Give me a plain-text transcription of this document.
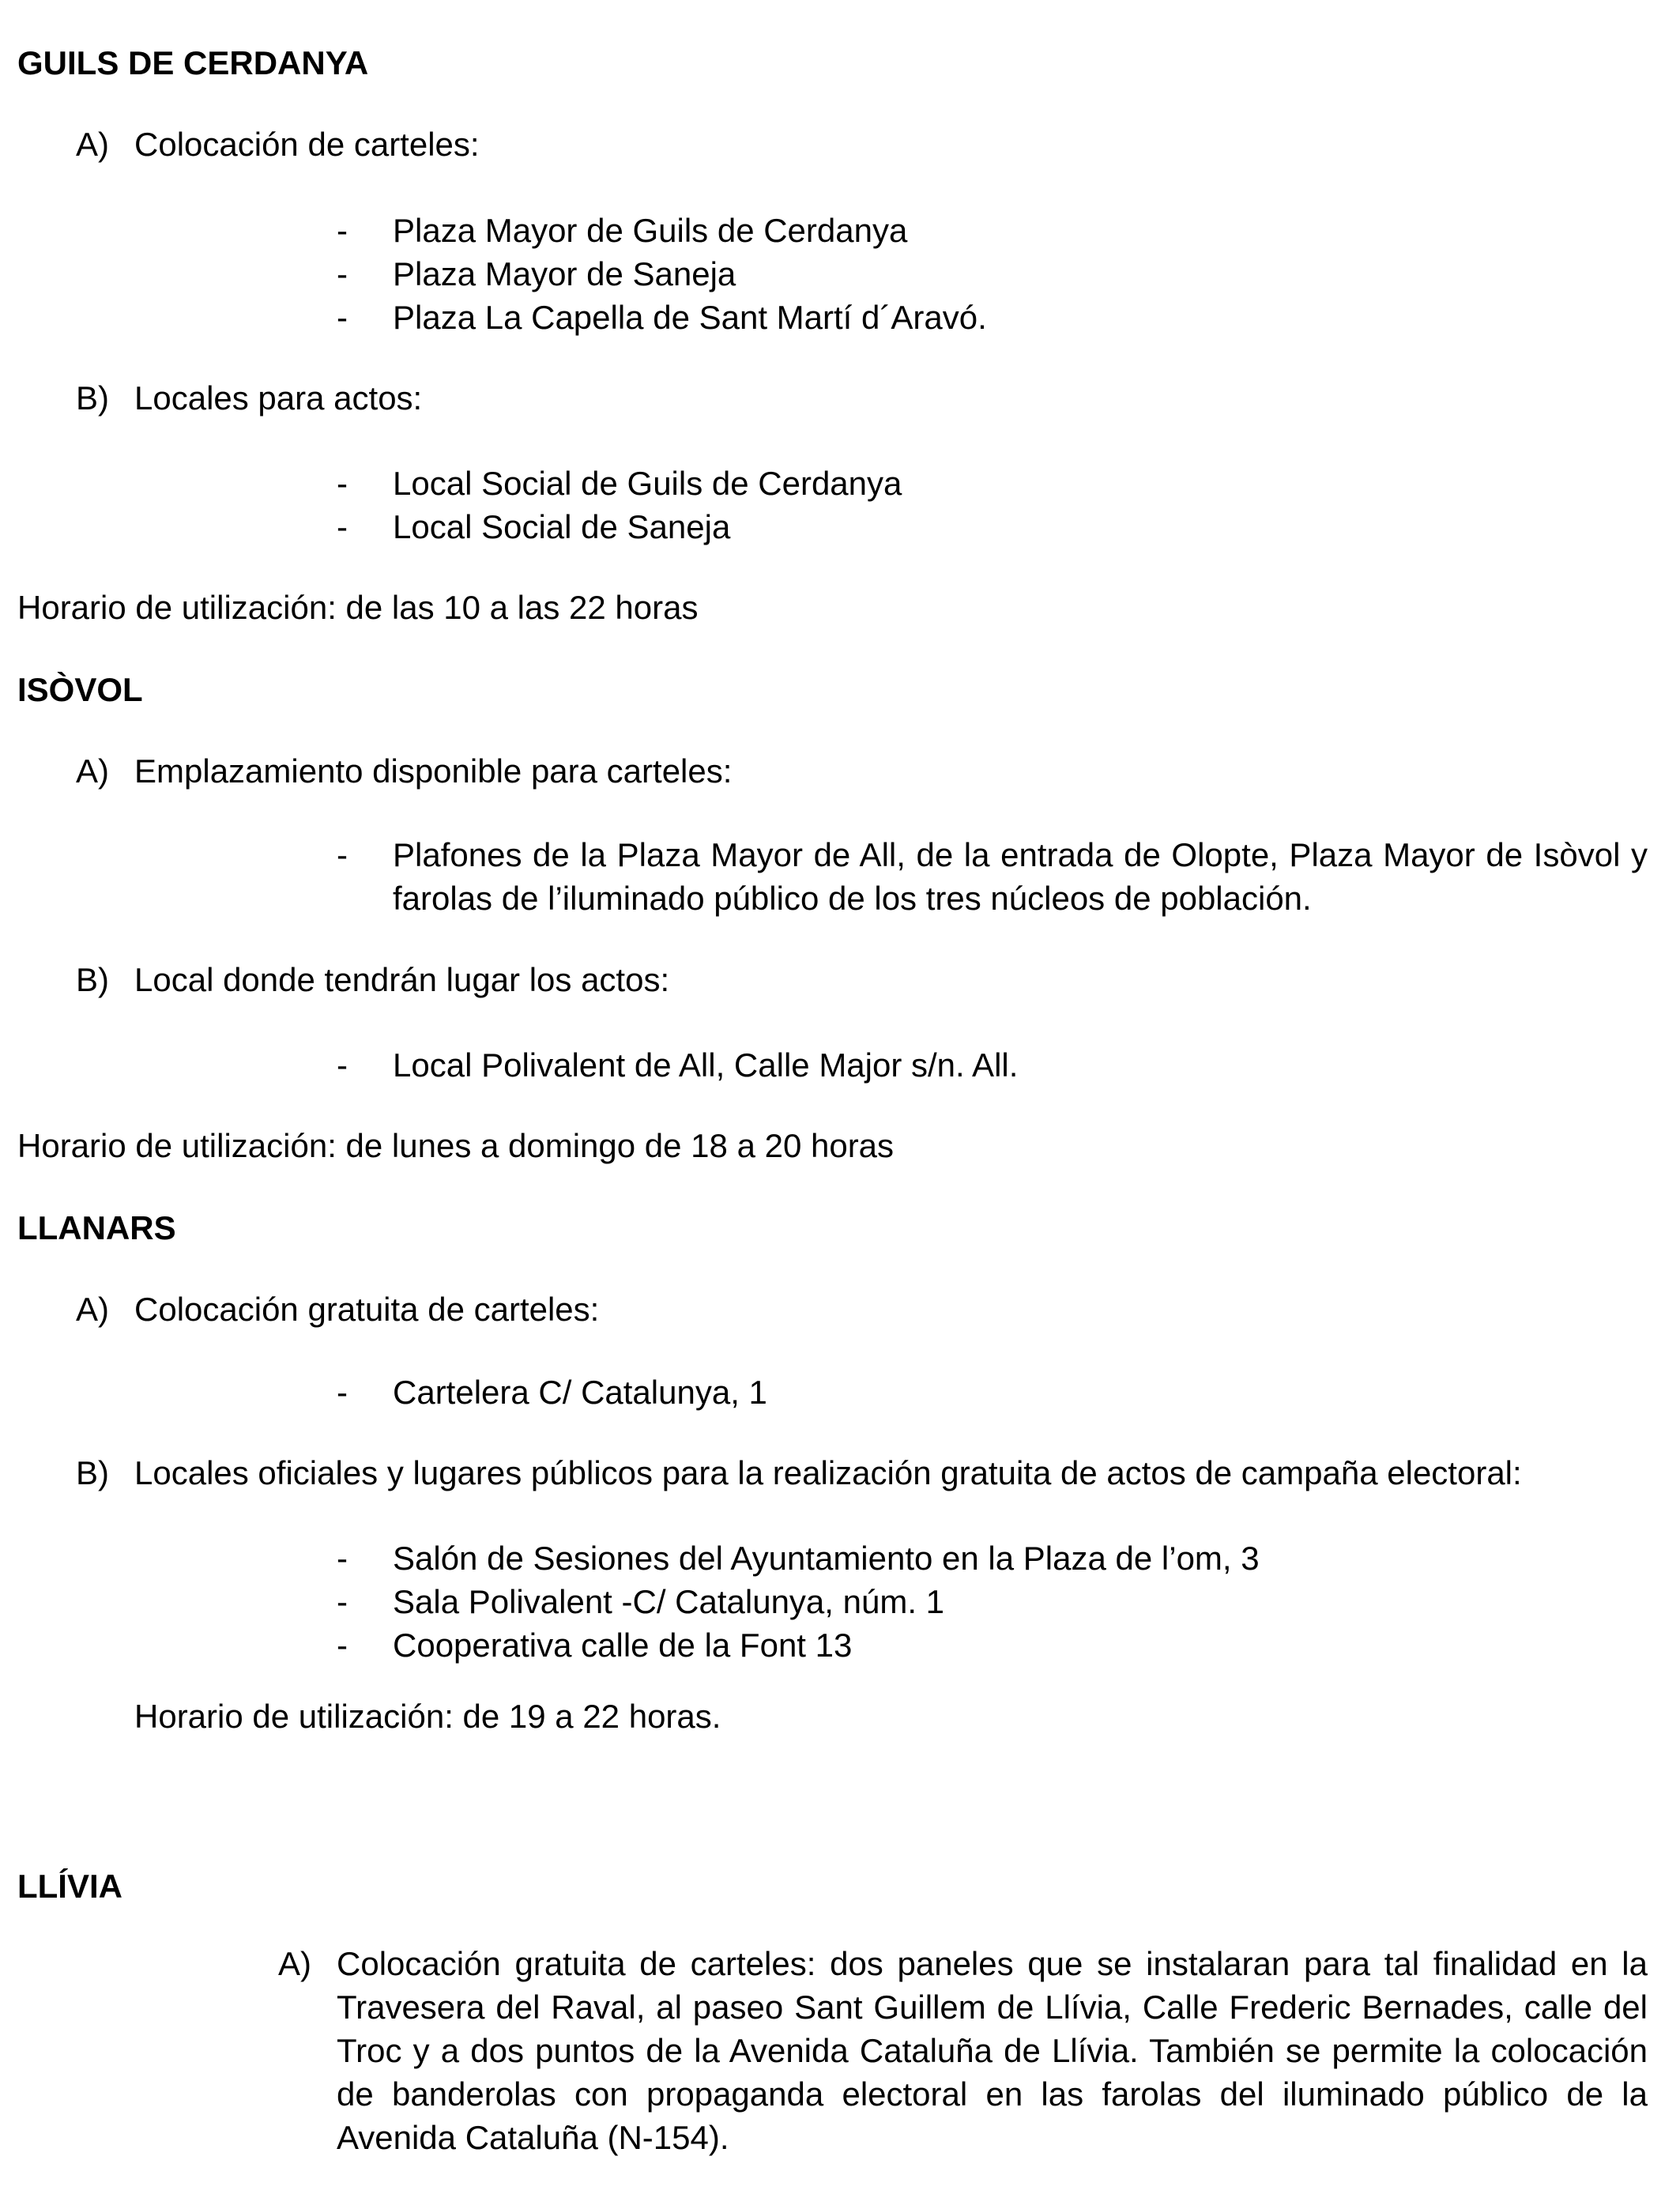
GUILS DE CERDANYA
A) Colocación de carteles:
- Plaza Mayor de Guils de Cerdanya
- Plaza Mayor de Saneja
- Plaza La Capella de Sant Martí d´Aravó.
B) Locales para actos:
- Local Social de Guils de Cerdanya
- Local Social de Saneja
Horario de utilización: de las 10 a las 22 horas
ISÒVOL
A) Emplazamiento disponible para carteles:
- Plafones de la Plaza Mayor de All, de la entrada de Olopte, Plaza Mayor de Isòvol y farolas de l’iluminado público de los tres núcleos de población.
B) Local donde tendrán lugar los actos:
- Local Polivalent de All, Calle Major s/n. All.
Horario de utilización: de lunes a domingo de 18 a 20 horas
LLANARS
A) Colocación gratuita de carteles:
- Cartelera C/ Catalunya, 1
B) Locales oficiales y lugares públicos para la realización gratuita de actos de campaña electoral:
- Salón de Sesiones del Ayuntamiento en la Plaza de l’om, 3
- Sala Polivalent -C/ Catalunya, núm. 1
- Cooperativa calle de la Font 13
Horario de utilización: de 19 a 22 horas.
LLÍVIA
A) Colocación gratuita de carteles: dos paneles que se instalaran para tal finalidad en la Travesera del Raval, al paseo Sant Guillem de Llívia, Calle Frederic Bernades, calle del Troc y a dos puntos de la Avenida Cataluña de Llívia. También se permite la colocación de banderolas con propaganda electoral en las farolas del iluminado público de la Avenida Cataluña (N-154).
